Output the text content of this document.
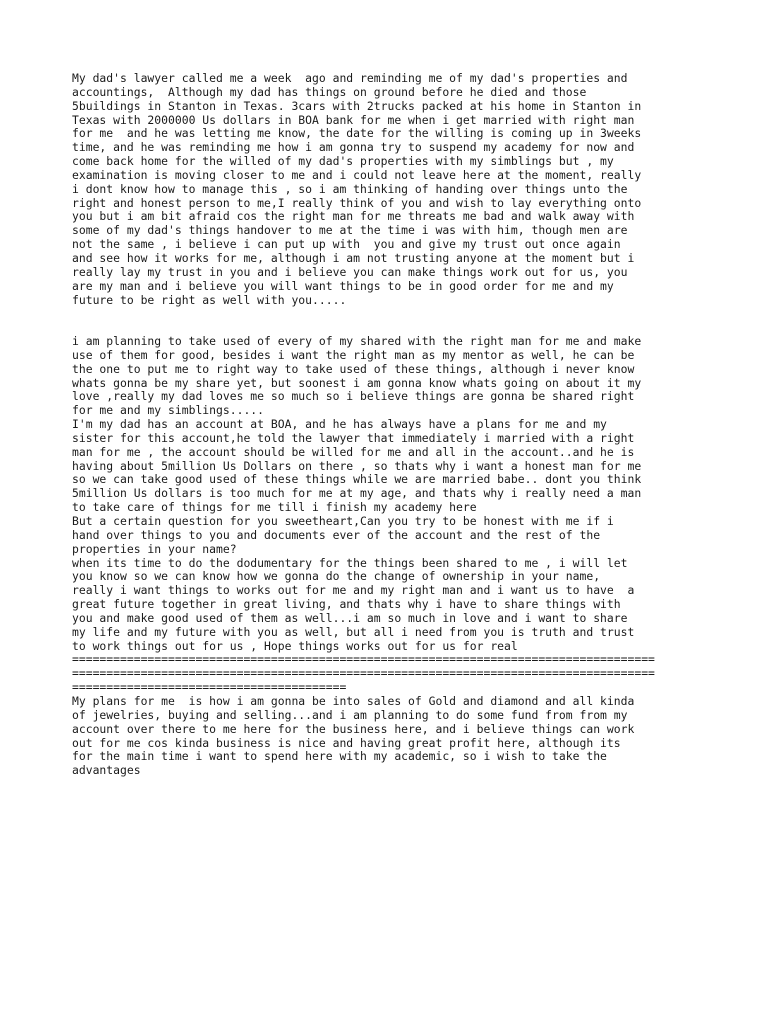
My dad's lawyer called me a week  ago and reminding me of my dad's properties and
accountings,  Although my dad has things on ground before he died and those
5buildings in Stanton in Texas. 3cars with 2trucks packed at his home in Stanton in
Texas with 2000000 Us dollars in BOA bank for me when i get married with right man
for me  and he was letting me know, the date for the willing is coming up in 3weeks
time, and he was reminding me how i am gonna try to suspend my academy for now and
come back home for the willed of my dad's properties with my simblings but , my
examination is moving closer to me and i could not leave here at the moment, really
i dont know how to manage this , so i am thinking of handing over things unto the
right and honest person to me,I really think of you and wish to lay everything onto
you but i am bit afraid cos the right man for me threats me bad and walk away with
some of my dad's things handover to me at the time i was with him, though men are
not the same , i believe i can put up with  you and give my trust out once again
and see how it works for me, although i am not trusting anyone at the moment but i
really lay my trust in you and i believe you can make things work out for us, you
are my man and i believe you will want things to be in good order for me and my
future to be right as well with you.....
i am planning to take used of every of my shared with the right man for me and make
use of them for good, besides i want the right man as my mentor as well, he can be
the one to put me to right way to take used of these things, although i never know
whats gonna be my share yet, but soonest i am gonna know whats going on about it my
love ,really my dad loves me so much so i believe things are gonna be shared right
for me and my simblings.....
I'm my dad has an account at BOA, and he has always have a plans for me and my
sister for this account,he told the lawyer that immediately i married with a right
man for me , the account should be willed for me and all in the account..and he is
having about 5million Us Dollars on there , so thats why i want a honest man for me
so we can take good used of these things while we are married babe.. dont you think
5million Us dollars is too much for me at my age, and thats why i really need a man
to take care of things for me till i finish my academy here
But a certain question for you sweetheart,Can you try to be honest with me if i
hand over things to you and documents ever of the account and the rest of the
properties in your name?
when its time to do the dodumentary for the things been shared to me , i will let
you know so we can know how we gonna do the change of ownership in your name,
really i want things to works out for me and my right man and i want us to have  a
great future together in great living, and thats why i have to share things with
you and make good used of them as well...i am so much in love and i want to share
my life and my future with you as well, but all i need from you is truth and trust
to work things out for us , Hope things works out for us for real
=====================================================================================
=====================================================================================
========================================
My plans for me  is how i am gonna be into sales of Gold and diamond and all kinda
of jewelries, buying and selling...and i am planning to do some fund from from my
account over there to me here for the business here, and i believe things can work
out for me cos kinda business is nice and having great profit here, although its
for the main time i want to spend here with my academic, so i wish to take the
advantages
